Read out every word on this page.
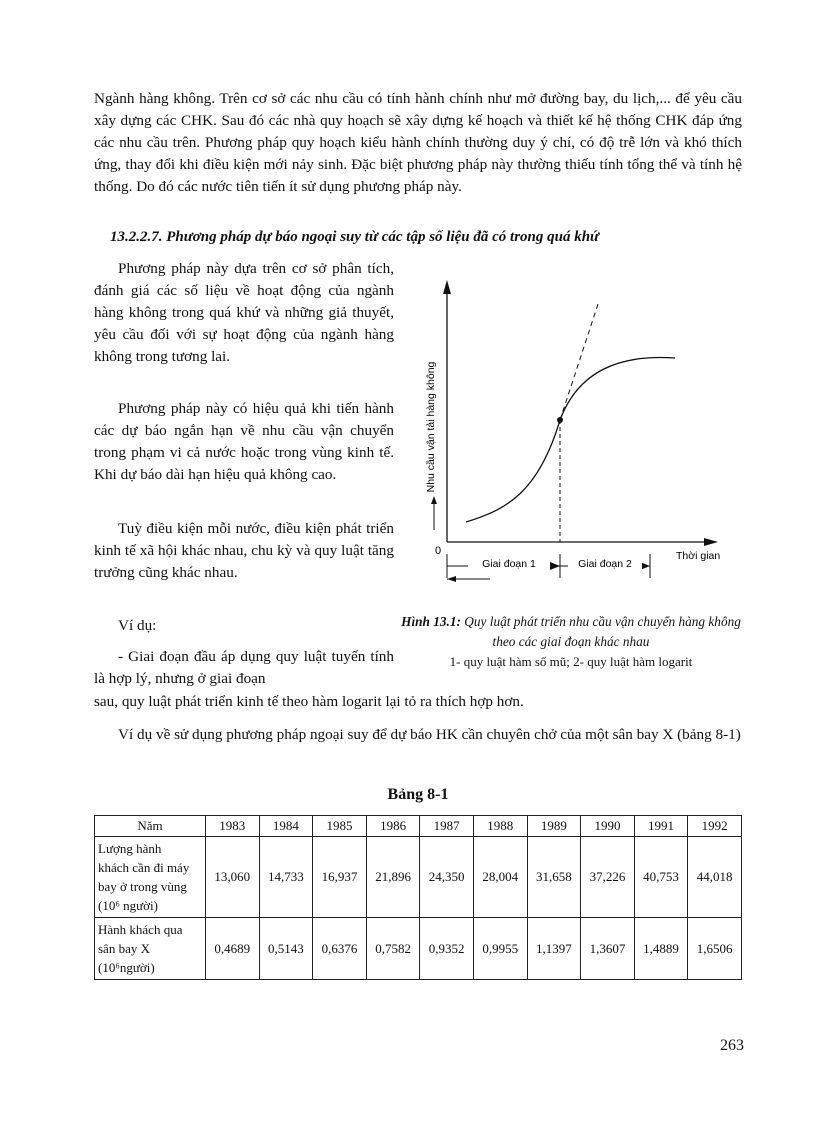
Ngành hàng không. Trên cơ sở các nhu cầu có tính hành chính như mở đường bay, du lịch,... để yêu cầu xây dựng các CHK. Sau đó các nhà quy hoạch sẽ xây dựng kế hoạch và thiết kế hệ thống CHK đáp ứng các nhu cầu trên. Phương pháp quy hoạch kiểu hành chính thường duy ý chí, có độ trễ lớn và khó thích ứng, thay đổi khi điều kiện mới nảy sinh. Đặc biệt phương pháp này thường thiếu tính tổng thể và tính hệ thống. Do đó các nước tiên tiến ít sử dụng phương pháp này.
13.2.2.7. Phương pháp dự báo ngoại suy từ các tập số liệu đã có trong quá khứ
Phương pháp này dựa trên cơ sở phân tích, đánh giá các số liệu về hoạt động của ngành hàng không trong quá khứ và những giả thuyết, yêu cầu đối với sự hoạt động của ngành hàng không trong tương lai.
Phương pháp này có hiệu quả khi tiến hành các dự báo ngắn hạn về nhu cầu vận chuyển trong phạm vi cả nước hoặc trong vùng kinh tế. Khi dự báo dài hạn hiệu quả không cao.
Tuỳ điều kiện mỗi nước, điều kiện phát triển kinh tế xã hội khác nhau, chu kỳ và quy luật tăng trưởng cũng khác nhau.
Ví dụ:
- Giai đoạn đầu áp dụng quy luật tuyến tính là hợp lý, nhưng ở giai đoạn
sau, quy luật phát triển kinh tế theo hàm logarit lại tỏ ra thích hợp hơn.
Ví dụ về sử dụng phương pháp ngoại suy để dự báo HK cần chuyên chở của một sân bay X (bảng 8-1)
Nhu cầu vận tải hàng không
0
Giai đoạn 1	Giai đoạn 2
Thời gian
Hình 13.1: Quy luật phát triển nhu cầu vận chuyển hàng không theo các giai đoạn khác nhau
1- quy luật hàm số mũ; 2- quy luật hàm logarit
Bảng 8-1
Năm	1983	1984	1985	1986	1987	1988	1989	1990	1991	1992

Lượng hành
khách cần đi máy
bay ở trong vùng
(10⁶ người)	13,060	14,733	16,937	21,896	24,350	28,004	31,658	37,226	40,753	44,018

Hành khách qua
sân bay X
(10⁶người)	0,4689	0,5143	0,6376	0,7582	0,9352	0,9955	1,1397	1,3607	1,4889	1,6506
263
